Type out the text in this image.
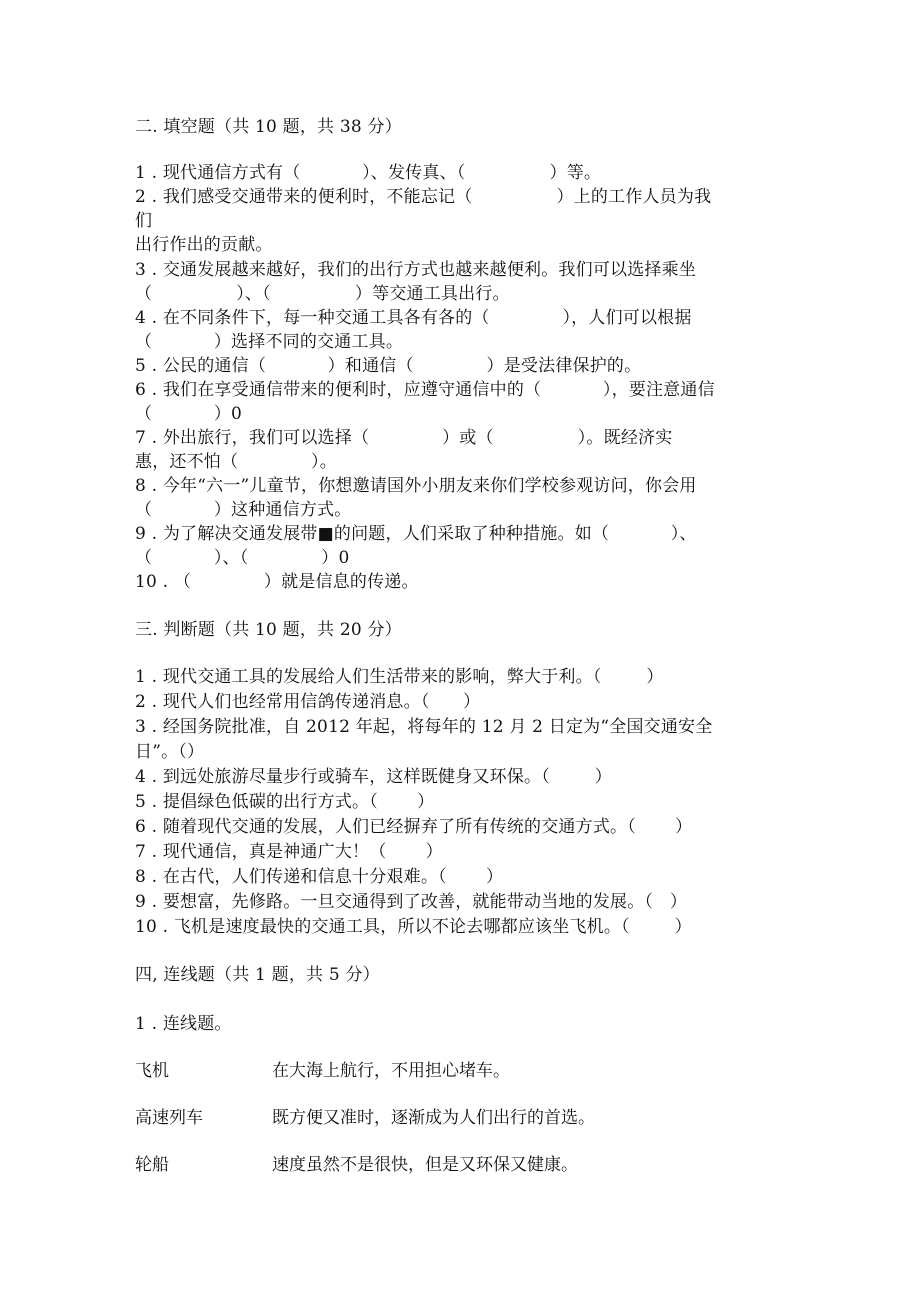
二. 填空题（共 10 题，共 38 分）
1 . 现代通信方式有（           ）、发传真、（               ）等。
2 . 我们感受交通带来的便利时，不能忘记（               ）上的工作人员为我
们
出行作出的贡献。
3 . 交通发展越来越好，我们的出行方式也越来越便利。我们可以选择乘坐
（               ）、（               ）等交通工具出行。
4 . 在不同条件下，每一种交通工具各有各的（             ），人们可以根据
（           ）选择不同的交通工具。
5 . 公民的通信（           ）和通信（             ）是受法律保护的。
6 . 我们在享受通信带来的便利时，应遵守通信中的（           ），要注意通信
（           ）0
7 . 外出旅行，我们可以选择（             ）或（               ）。既经济实
惠，还不怕（             ）。
8 . 今年“六一”儿童节，你想邀请国外小朋友来你们学校参观访问，你会用
（           ）这种通信方式。
9 . 为了解决交通发展带■的问题，人们采取了种种措施。如（           ）、
（           ）、（             ）0
10 . （             ）就是信息的传递。
三. 判断题（共 10 题，共 20 分）
1 . 现代交通工具的发展给人们生活带来的影响，弊大于利。（        ）
2 . 现代人们也经常用信鸽传递消息。（      ）
3 . 经国务院批准，自 2012 年起，将每年的 12 月 2 日定为“全国交通安全
日”。（）
4 . 到远处旅游尽量步行或骑车，这样既健身又环保。（        ）
5 . 提倡绿色低碳的出行方式。（       ）
6 . 随着现代交通的发展，人们已经摒弃了所有传统的交通方式。（       ）
7 . 现代通信，真是神通广大！（       ）
8 . 在古代，人们传递和信息十分艰难。（       ）
9 . 要想富，先修路。一旦交通得到了改善，就能带动当地的发展。（   ）
10 . 飞机是速度最快的交通工具，所以不论去哪都应该坐飞机。（        ）
四, 连线题（共 1 题，共 5 分）
1 . 连线题。
飞机	在大海上航行，不用担心堵车。
高速列车	既方便又准时，逐渐成为人们出行的首选。
轮船	速度虽然不是很快，但是又环保又健康。
